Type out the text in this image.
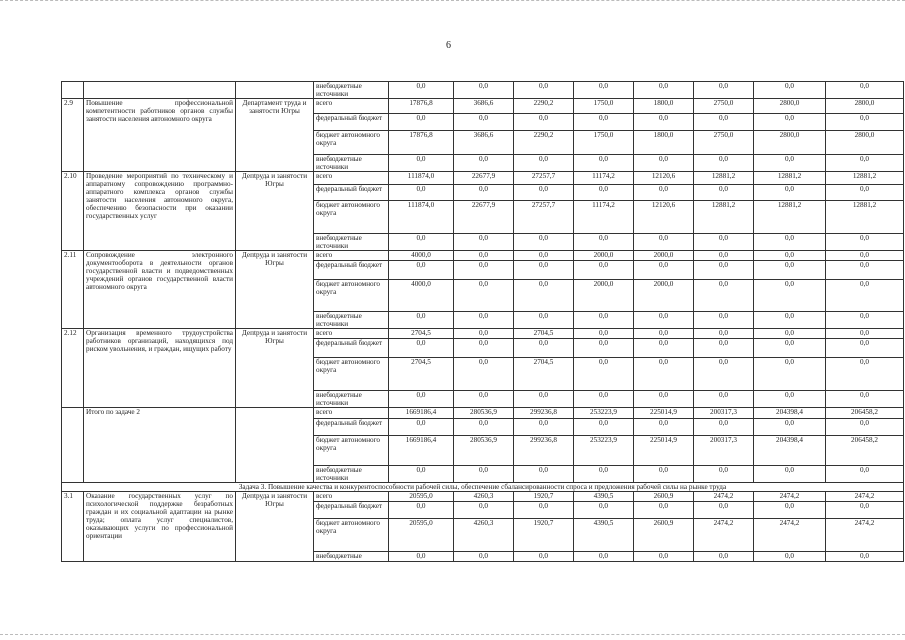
6
			внебюджетные источники	0,0	0,0	0,0	0,0	0,0	0,0	0,0	0,0
2.9	Повышение профессиональной компетентности работников органов службы занятости населения автономного округа	Департамент труда и занятости Югры	всего	17876,8	3686,6	2290,2	1750,0	1800,0	2750,0	2800,0	2800,0
			федеральный бюджет	0,0	0,0	0,0	0,0	0,0	0,0	0,0	0,0
			бюджет автономного округа	17876,8	3686,6	2290,2	1750,0	1800,0	2750,0	2800,0	2800,0
			внебюджетные источники	0,0	0,0	0,0	0,0	0,0	0,0	0,0	0,0
2.10	Проведение мероприятий по техническому и аппаратному сопровождению программно-аппаратного комплекса органов службы занятости населения автономного округа, обеспечению безопасности при оказании государственных услуг	Депtруда и занятости Югры	всего	111874,0	22677,9	27257,7	11174,2	12120,6	12881,2	12881,2	12881,2
			федеральный бюджет	0,0	0,0	0,0	0,0	0,0	0,0	0,0	0,0
			бюджет автономного округа	111874,0	22677,9	27257,7	11174,2	12120,6	12881,2	12881,2	12881,2
			внебюджетные источники	0,0	0,0	0,0	0,0	0,0	0,0	0,0	0,0
2.11	Сопровождение электронного документооборота в деятельности органов государственной власти и подведомственных учреждений органов государственной власти автономного округа	Депtруда и занятости Югры	всего	4000,0	0,0	0,0	2000,0	2000,0	0,0	0,0	0,0
			федеральный бюджет	0,0	0,0	0,0	0,0	0,0	0,0	0,0	0,0
			бюджет автономного округа	4000,0	0,0	0,0	2000,0	2000,0	0,0	0,0	0,0
			внебюджетные источники	0,0	0,0	0,0	0,0	0,0	0,0	0,0	0,0
2.12	Организация временного трудоустройства работников организаций, находящихся под риском увольнения, и граждан, ищущих работу	Депtруда и занятости Югры	всего	2704,5	0,0	2704,5	0,0	0,0	0,0	0,0	0,0
			федеральный бюджет	0,0	0,0	0,0	0,0	0,0	0,0	0,0	0,0
			бюджет автономного округа	2704,5	0,0	2704,5	0,0	0,0	0,0	0,0	0,0
			внебюджетные источники	0,0	0,0	0,0	0,0	0,0	0,0	0,0	0,0
	Итого по задаче 2		всего	1669186,4	280536,9	299236,8	253223,9	225014,9	200317,3	204398,4	206458,2
			федеральный бюджет	0,0	0,0	0,0	0,0	0,0	0,0	0,0	0,0
			бюджет автономного округа	1669186,4	280536,9	299236,8	253223,9	225014,9	200317,3	204398,4	206458,2
			внебюджетные источники	0,0	0,0	0,0	0,0	0,0	0,0	0,0	0,0
Задача 3. Повышение качества и конкурентоспособности рабочей силы, обеспечение сбалансированности спроса и предложения рабочей силы на рынке труда											
3.1	Оказание государственных услуг по психологической поддержке безработных граждан и их социальной адаптации на рынке труда; оплата услуг специалистов, оказывающих услуги по профессиональной ориентации	Депtруда и занятости Югры	всего	20595,0	4260,3	1920,7	4390,5	2600,9	2474,2	2474,2	2474,2
			федеральный бюджет	0,0	0,0	0,0	0,0	0,0	0,0	0,0	0,0
			бюджет автономного округа	20595,0	4260,3	1920,7	4390,5	2600,9	2474,2	2474,2	2474,2
			внебюджетные	0,0	0,0	0,0	0,0	0,0	0,0	0,0	0,0
